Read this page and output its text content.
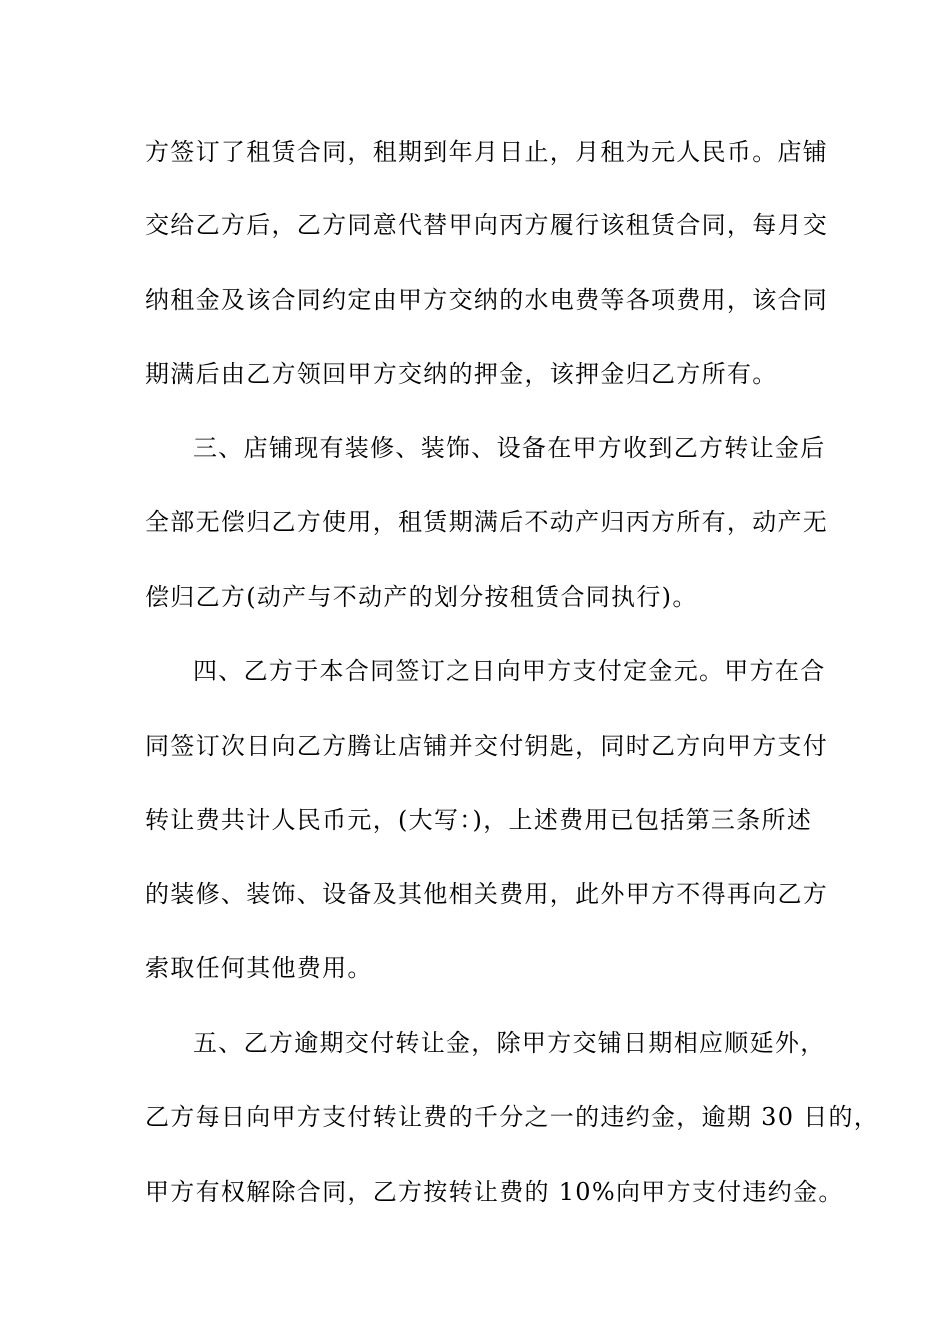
方签订了租赁合同，租期到年月日止，月租为元人民币。店铺
交给乙方后，乙方同意代替甲向丙方履行该租赁合同，每月交
纳租金及该合同约定由甲方交纳的水电费等各项费用，该合同
期满后由乙方领回甲方交纳的押金，该押金归乙方所有。
三、店铺现有装修、装饰、设备在甲方收到乙方转让金后
全部无偿归乙方使用，租赁期满后不动产归丙方所有，动产无
偿归乙方(动产与不动产的划分按租赁合同执行)。
四、乙方于本合同签订之日向甲方支付定金元。甲方在合
同签订次日向乙方腾让店铺并交付钥匙，同时乙方向甲方支付
转让费共计人民币元，(大写：)，上述费用已包括第三条所述
的装修、装饰、设备及其他相关费用，此外甲方不得再向乙方
索取任何其他费用。
五、乙方逾期交付转让金，除甲方交铺日期相应顺延外，
乙方每日向甲方支付转让费的千分之一的违约金，逾期 30 日的，
甲方有权解除合同，乙方按转让费的 10%向甲方支付违约金。
